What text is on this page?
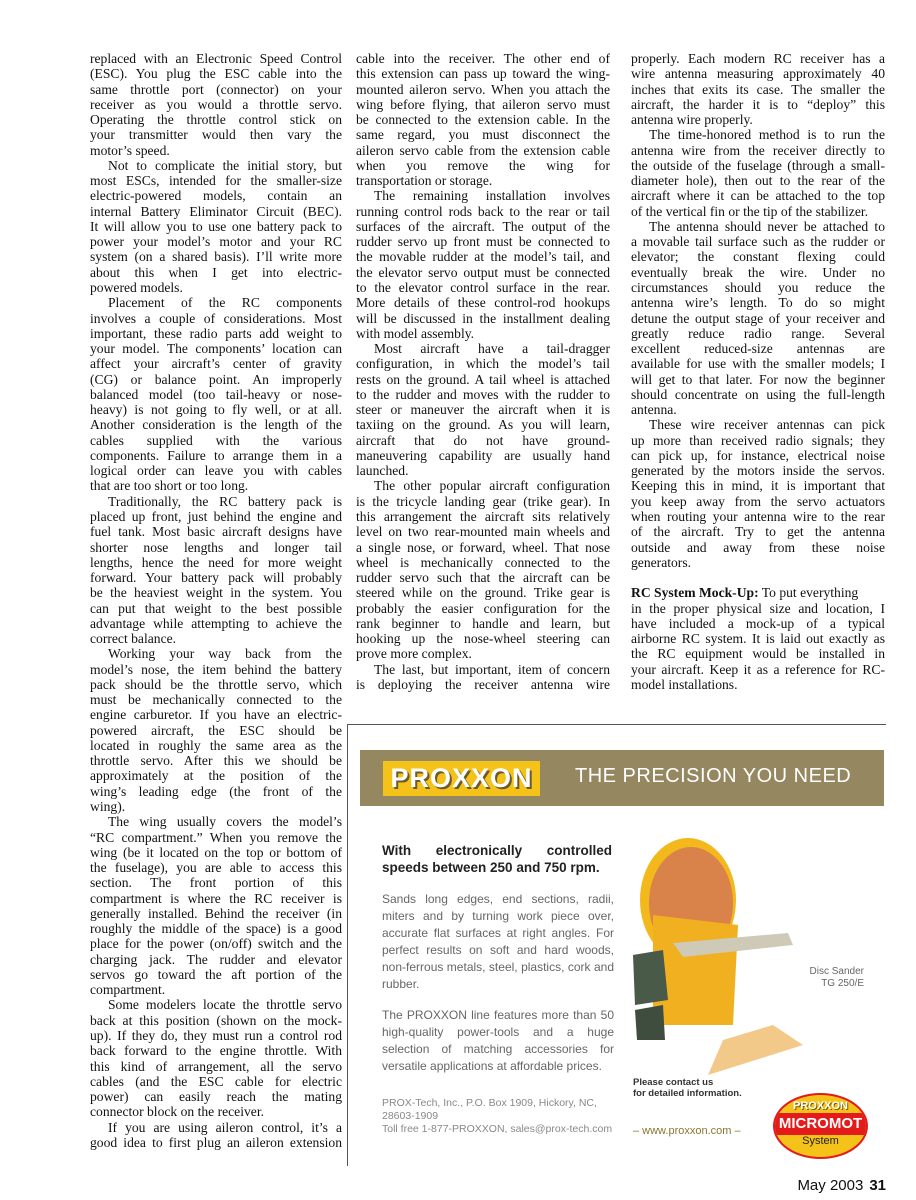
replaced with an Electronic Speed Control
(ESC). You plug the ESC cable into the
same throttle port (connector) on your
receiver as you would a throttle servo.
Operating the throttle control stick on
your transmitter would then vary the
motor’s speed.
Not to complicate the initial story, but
most ESCs, intended for the smaller-size
electric-powered models, contain an
internal Battery Eliminator Circuit (BEC).
It will allow you to use one battery pack to
power your model’s motor and your RC
system (on a shared basis). I’ll write more
about this when I get into electric-
powered models.
Placement of the RC components
involves a couple of considerations. Most
important, these radio parts add weight to
your model. The components’ location can
affect your aircraft’s center of gravity
(CG) or balance point. An improperly
balanced model (too tail-heavy or nose-
heavy) is not going to fly well, or at all.
Another consideration is the length of the
cables supplied with the various
components. Failure to arrange them in a
logical order can leave you with cables
that are too short or too long.
Traditionally, the RC battery pack is
placed up front, just behind the engine and
fuel tank. Most basic aircraft designs have
shorter nose lengths and longer tail
lengths, hence the need for more weight
forward. Your battery pack will probably
be the heaviest weight in the system. You
can put that weight to the best possible
advantage while attempting to achieve the
correct balance.
Working your way back from the
model’s nose, the item behind the battery
pack should be the throttle servo, which
must be mechanically connected to the
engine carburetor. If you have an electric-
powered aircraft, the ESC should be
located in roughly the same area as the
throttle servo. After this we should be
approximately at the position of the
wing’s leading edge (the front of the
wing).
The wing usually covers the model’s
“RC compartment.” When you remove the
wing (be it located on the top or bottom of
the fuselage), you are able to access this
section. The front portion of this
compartment is where the RC receiver is
generally installed. Behind the receiver (in
roughly the middle of the space) is a good
place for the power (on/off) switch and the
charging jack. The rudder and elevator
servos go toward the aft portion of the
compartment.
Some modelers locate the throttle servo
back at this position (shown on the mock-
up). If they do, they must run a control rod
back forward to the engine throttle. With
this kind of arrangement, all the servo
cables (and the ESC cable for electric
power) can easily reach the mating
connector block on the receiver.
If you are using aileron control, it’s a
good idea to first plug an aileron extension
cable into the receiver. The other end of
this extension can pass up toward the wing-
mounted aileron servo. When you attach the
wing before flying, that aileron servo must
be connected to the extension cable. In the
same regard, you must disconnect the
aileron servo cable from the extension cable
when you remove the wing for
transportation or storage.
The remaining installation involves
running control rods back to the rear or tail
surfaces of the aircraft. The output of the
rudder servo up front must be connected to
the movable rudder at the model’s tail, and
the elevator servo output must be connected
to the elevator control surface in the rear.
More details of these control-rod hookups
will be discussed in the installment dealing
with model assembly.
Most aircraft have a tail-dragger
configuration, in which the model’s tail
rests on the ground. A tail wheel is attached
to the rudder and moves with the rudder to
steer or maneuver the aircraft when it is
taxiing on the ground. As you will learn,
aircraft that do not have ground-
maneuvering capability are usually hand
launched.
The other popular aircraft configuration
is the tricycle landing gear (trike gear). In
this arrangement the aircraft sits relatively
level on two rear-mounted main wheels and
a single nose, or forward, wheel. That nose
wheel is mechanically connected to the
rudder servo such that the aircraft can be
steered while on the ground. Trike gear is
probably the easier configuration for the
rank beginner to handle and learn, but
hooking up the nose-wheel steering can
prove more complex.
The last, but important, item of concern
is deploying the receiver antenna wire
properly. Each modern RC receiver has a
wire antenna measuring approximately 40
inches that exits its case. The smaller the
aircraft, the harder it is to “deploy” this
antenna wire properly.
The time-honored method is to run the
antenna wire from the receiver directly to
the outside of the fuselage (through a small-
diameter hole), then out to the rear of the
aircraft where it can be attached to the top
of the vertical fin or the tip of the stabilizer.
The antenna should never be attached to
a movable tail surface such as the rudder or
elevator; the constant flexing could
eventually break the wire. Under no
circumstances should you reduce the
antenna wire’s length. To do so might
detune the output stage of your receiver and
greatly reduce radio range. Several
excellent reduced-size antennas are
available for use with the smaller models; I
will get to that later. For now the beginner
should concentrate on using the full-length
antenna.
These wire receiver antennas can pick
up more than received radio signals; they
can pick up, for instance, electrical noise
generated by the motors inside the servos.
Keeping this in mind, it is important that
you keep away from the servo actuators
when routing your antenna wire to the rear
of the aircraft. Try to get the antenna
outside and away from these noise
generators.
RC System Mock-Up: To put everything
in the proper physical size and location, I
have included a mock-up of a typical
airborne RC system. It is laid out exactly as
the RC equipment would be installed in
your aircraft. Keep it as a reference for RC-
model installations.
PROXXON	THE PRECISION YOU NEED
With electronically controlled
speeds between 250 and 750 rpm.
Sands long edges, end sections, radii, miters and by turning work piece over, accurate flat surfaces at right angles. For perfect results on soft and hard woods, non-ferrous metals, steel, plastics, cork and rubber.
The PROXXON line features more than 50 high-quality power-tools and a huge selection of matching accessories for versatile applications at affordable prices.
PROX-Tech, Inc., P.O. Box 1909, Hickory, NC, 28603-1909
Toll free 1-877-PROXXON, sales@prox-tech.com
Disc Sander
TG 250/E
Please contact us
for detailed information.
– www.proxxon.com –
PROXXON
MICROMOT
System
May 2003 31
